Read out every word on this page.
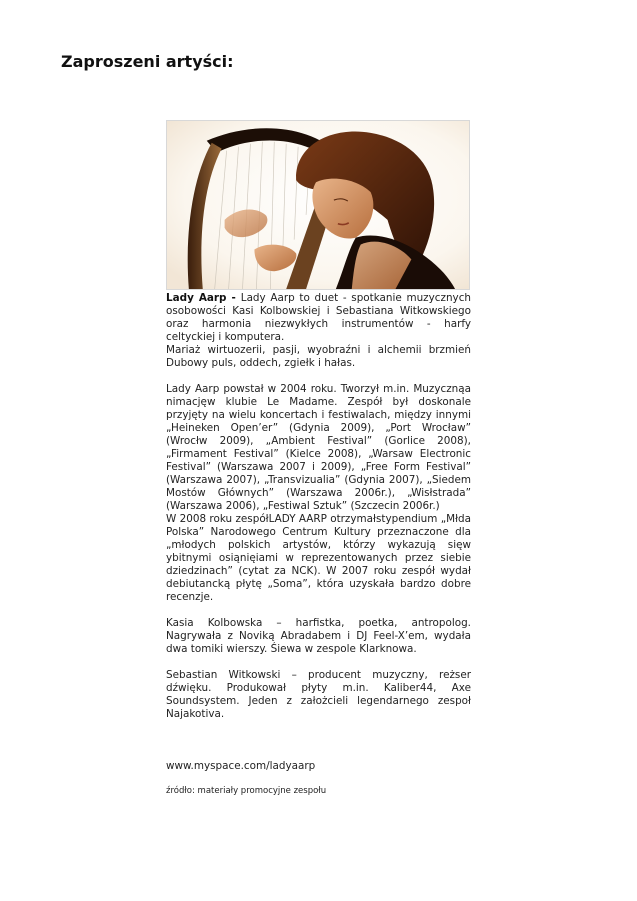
Zaproszeni artyści:

Lady Aarp - Lady Aarp to duet - spotkanie muzycznych osobowości Kasi Kolbowskiej i Sebastiana Witkowskiego oraz harmonia niezwykłych instrumentów - harfy celtyckiej i komputera.

Mariaż wirtuozerii, pasji, wyobraźni i alchemii brzmień Dubowy puls, oddech, zgiełk i hałas.

Lady Aarp powstał w 2004 roku. Tworzył m.in. Muzycznąa nimacjęw klubie Le Madame. Zespół był doskonale przyjęty na wielu koncertach i festiwalach, między innymi „Heineken Open’er” (Gdynia 2009), „Port Wrocław” (Wrocłw 2009), „Ambient Festival” (Gorlice 2008), „Firmament Festival” (Kielce 2008), „Warsaw Electronic Festival” (Warszawa 2007 i 2009), „Free Form Festival” (Warszawa 2007), „Transvizualia” (Gdynia 2007), „Siedem Mostów Głównych” (Warszawa 2006r.), „Wisłstrada” (Warszawa 2006), „Festiwal Sztuk” (Szczecin 2006r.)

W 2008 roku zespółLADY AARP otrzymałstypendium „Młda Polska” Narodowego Centrum Kultury przeznaczone dla „młodych polskich artystów, którzy wykazują sięw ybitnymi osiąnięiami w reprezentowanych przez siebie dziedzinach” (cytat za NCK). W 2007 roku zespół wydał debiutancką płytę „Soma”, która uzyskała bardzo dobre recenzje.

Kasia Kolbowska – harfistka, poetka, antropolog. Nagrywała z Noviką Abradabem i DJ Feel-X’em, wydała dwa tomiki wierszy. Śiewa w zespole Klarknowa.

Sebastian Witkowski – producent muzyczny, reżser dźwięku. Produkował płyty m.in. Kaliber44, Axe Soundsystem. Jeden z założcieli legendarnego zespoł Najakotiva.

www.myspace.com/ladyaarp
źródło: materiały promocyjne zespołu
